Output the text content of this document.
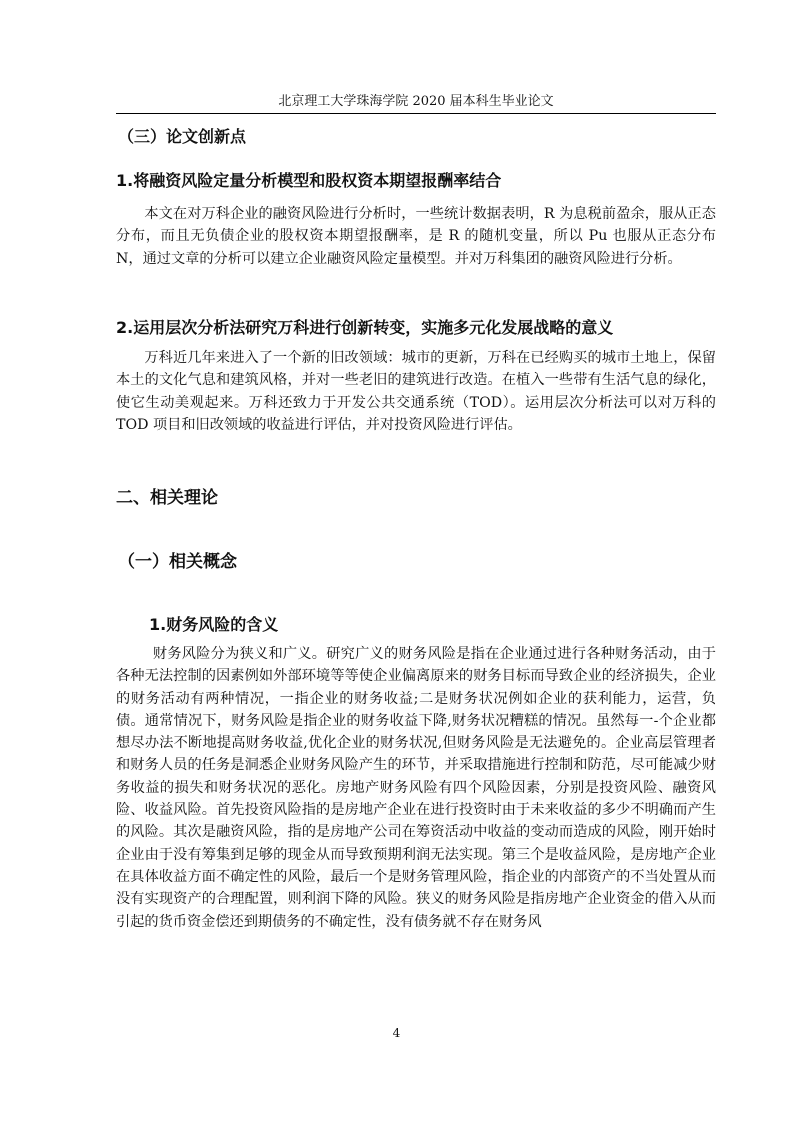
北京理工大学珠海学院 2020 届本科生毕业论文
（三）论文创新点
1.将融资风险定量分析模型和股权资本期望报酬率结合
本文在对万科企业的融资风险进行分析时，一些统计数据表明，R 为息税前盈余，服从正态分布，而且无负债企业的股权资本期望报酬率，是 R 的随机变量，所以 Pu 也服从正态分布 N，通过文章的分析可以建立企业融资风险定量模型。并对万科集团的融资风险进行分析。
2.运用层次分析法研究万科进行创新转变，实施多元化发展战略的意义
万科近几年来进入了一个新的旧改领域：城市的更新，万科在已经购买的城市土地上，保留本土的文化气息和建筑风格，并对一些老旧的建筑进行改造。在植入一些带有生活气息的绿化，使它生动美观起来。万科还致力于开发公共交通系统（TOD）。运用层次分析法可以对万科的 TOD 项目和旧改领域的收益进行评估，并对投资风险进行评估。
二、相关理论
（一）相关概念
1.财务风险的含义
财务风险分为狭义和广义。研究广义的财务风险是指在企业通过进行各种财务活动，由于各种无法控制的因素例如外部环境等等使企业偏离原来的财务目标而导致企业的经济损失，企业的财务活动有两种情况，一指企业的财务收益;二是财务状况例如企业的获利能力，运营，负债。通常情况下，财务风险是指企业的财务收益下降,财务状况糟糕的情况。虽然每一-个企业都想尽办法不断地提高财务收益,优化企业的财务状况,但财务风险是无法避免的。企业高层管理者和财务人员的任务是洞悉企业财务风险产生的环节，并采取措施进行控制和防范，尽可能减少财务收益的损失和财务状况的恶化。房地产财务风险有四个风险因素，分别是投资风险、融资风险、收益风险。首先投资风险指的是房地产企业在进行投资时由于未来收益的多少不明确而产生的风险。其次是融资风险，指的是房地产公司在筹资活动中收益的变动而造成的风险，刚开始时企业由于没有筹集到足够的现金从而导致预期利润无法实现。第三个是收益风险，是房地产企业在具体收益方面不确定性的风险，最后一个是财务管理风险，指企业的内部资产的不当处置从而没有实现资产的合理配置，则利润下降的风险。狭义的财务风险是指房地产企业资金的借入从而引起的货币资金偿还到期债务的不确定性，没有债务就不存在财务风
4
